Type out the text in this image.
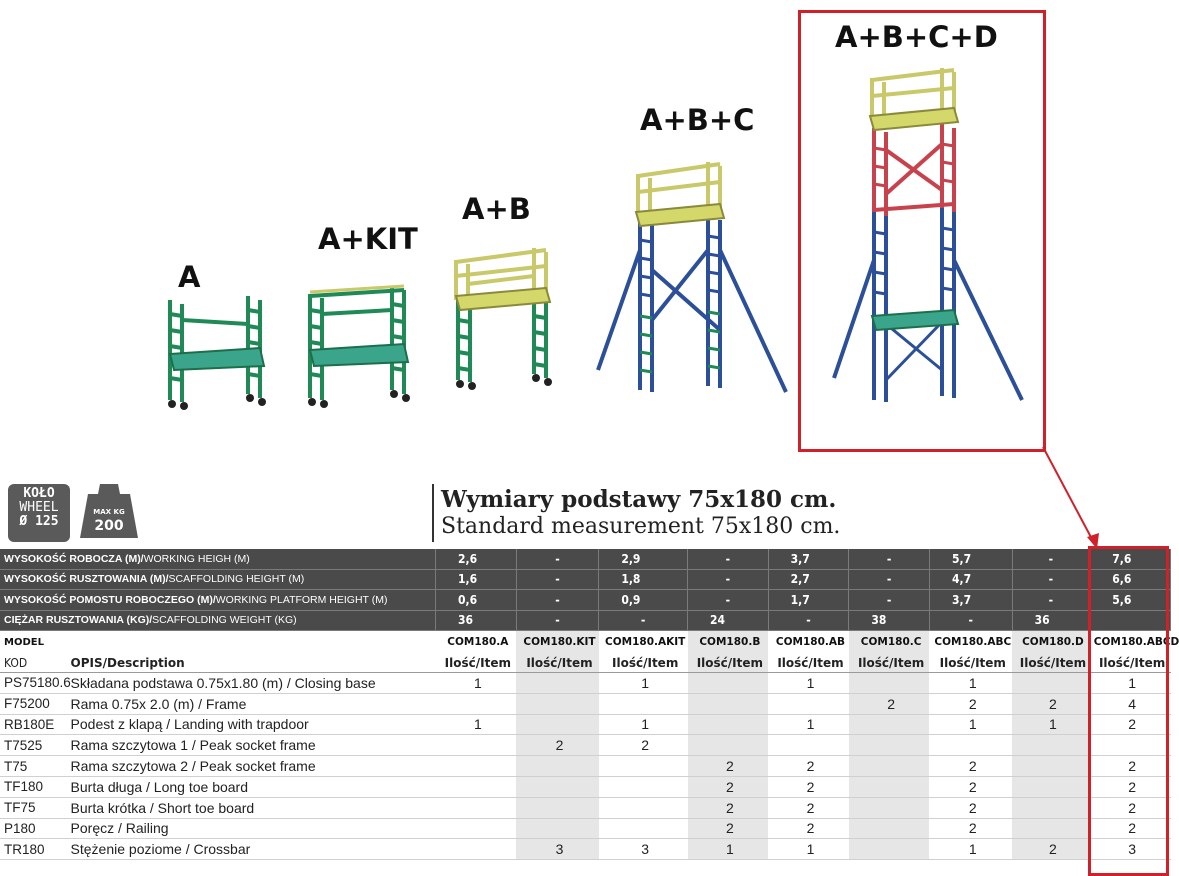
A
A+KIT
A+B
A+B+C
A+B+C+D
KOŁO
WHEEL
Ø 125
MAX KG
200
Wymiary podstawy 75x180 cm.
Standard measurement 75x180 cm.
WYSOKOŚĆ ROBOCZA (M)/WORKING HEIGH (M)		2,6	-	2,9	-	3,7	-	5,7	-	7,6
WYSOKOŚĆ RUSZTOWANIA (M)/SCAFFOLDING HEIGHT (M)		1,6	-	1,8	-	2,7	-	4,7	-	6,6
WYSOKOŚĆ POMOSTU ROBOCZEGO (M)/WORKING PLATFORM HEIGHT (M)		0,6	-	0,9	-	1,7	-	3,7	-	5,6
CIĘŻAR RUSZTOWANIA (KG)/SCAFFOLDING WEIGHT (KG)		36	-	-	24	-	38	-	36	
MODEL		COM180.A	COM180.KIT	COM180.AKIT	COM180.B	COM180.AB	COM180.C	COM180.ABC	COM180.D	COM180.ABCD
KOD	OPIS/Description	Ilość/Item	Ilość/Item	Ilość/Item	Ilość/Item	Ilość/Item	Ilość/Item	Ilość/Item	Ilość/Item	Ilość/Item
PS75180.6	Składana podstawa 0.75x1.80 (m) / Closing base	1		1		1		1		1
F75200	Rama 0.75x 2.0 (m) / Frame						2	2	2	4
RB180E	Podest z klapą / Landing with trapdoor	1		1		1		1	1	2
T7525	Rama szczytowa 1 / Peak socket frame		2	2						
T75	Rama szczytowa 2 / Peak socket frame				2	2		2		2
TF180	Burta długa / Long toe board				2	2		2		2
TF75	Burta krótka / Short toe board				2	2		2		2
P180	Poręcz / Railing				2	2		2		2
TR180	Stężenie poziome / Crossbar		3	3	1	1		1	2	3
